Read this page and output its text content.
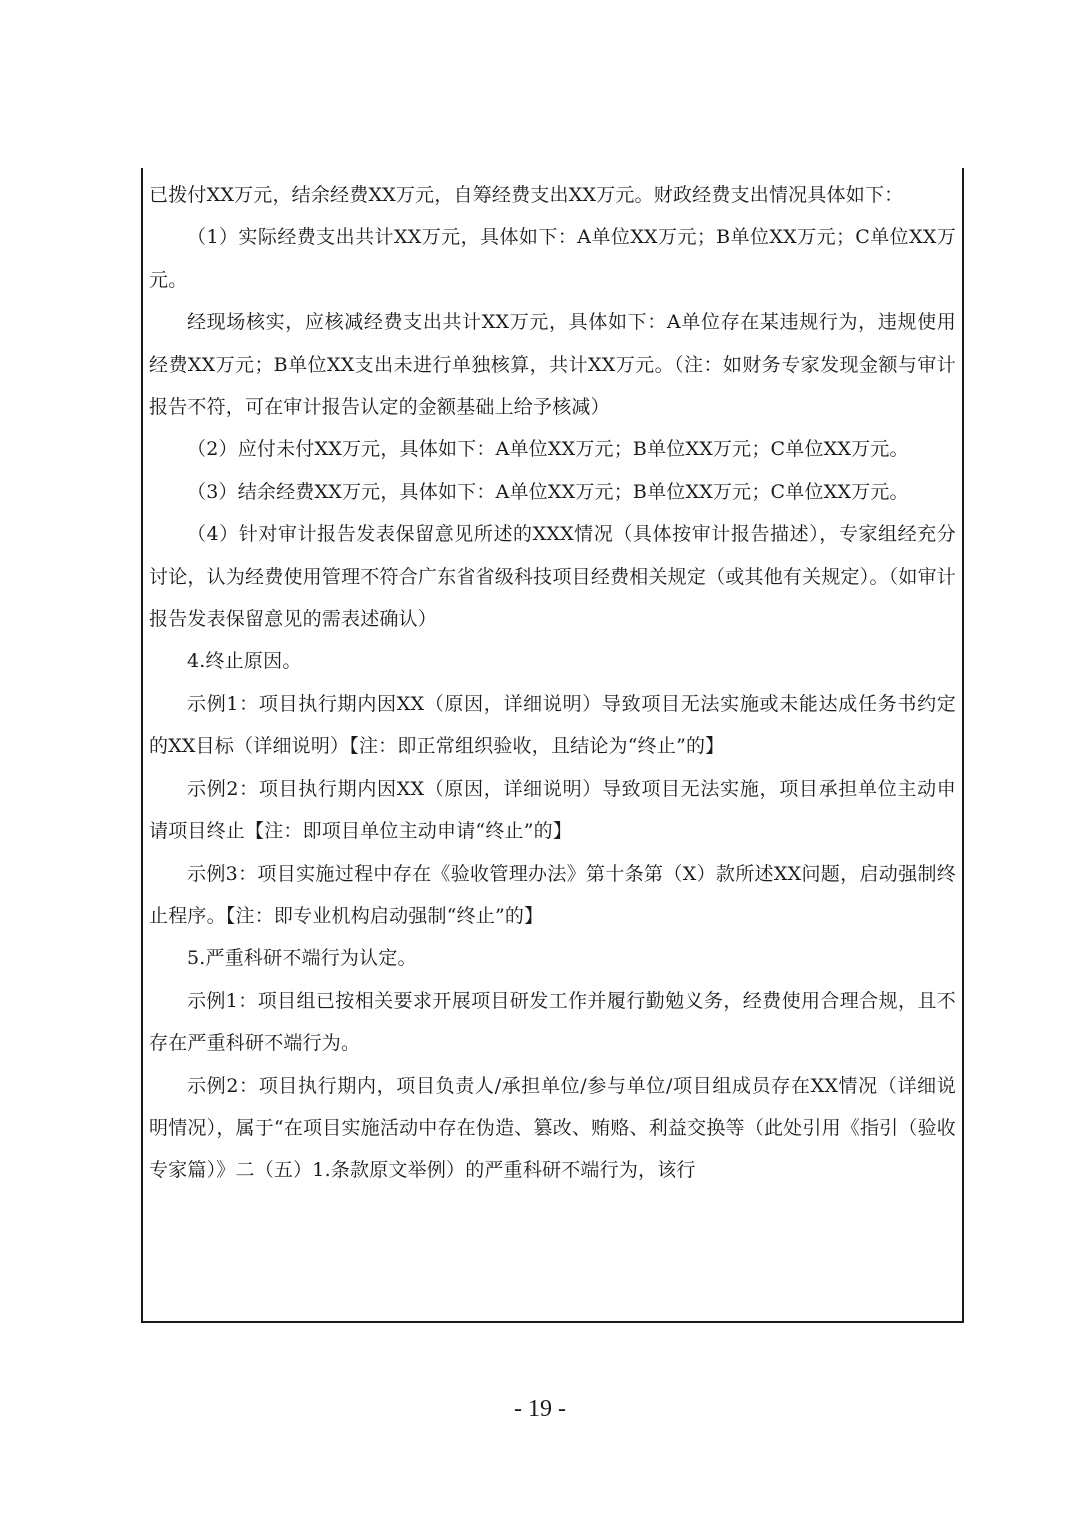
已拨付XX万元，结余经费XX万元，自筹经费支出XX万元。财政经费支出情况具体如下：

（1）实际经费支出共计XX万元，具体如下：A单位XX万元；B单位XX万元；C单位XX万元。

经现场核实，应核减经费支出共计XX万元，具体如下：A单位存在某违规行为，违规使用经费XX万元；B单位XX支出未进行单独核算，共计XX万元。（注：如财务专家发现金额与审计报告不符，可在审计报告认定的金额基础上给予核减）

（2）应付未付XX万元，具体如下：A单位XX万元；B单位XX万元；C单位XX万元。

（3）结余经费XX万元，具体如下：A单位XX万元；B单位XX万元；C单位XX万元。

（4）针对审计报告发表保留意见所述的XXX情况（具体按审计报告描述），专家组经充分讨论，认为经费使用管理不符合广东省省级科技项目经费相关规定（或其他有关规定）。（如审计报告发表保留意见的需表述确认）

4.终止原因。

示例1：项目执行期内因XX（原因，详细说明）导致项目无法实施或未能达成任务书约定的XX目标（详细说明）【注：即正常组织验收，且结论为“终止”的】

示例2：项目执行期内因XX（原因，详细说明）导致项目无法实施，项目承担单位主动申请项目终止【注：即项目单位主动申请“终止”的】

示例3：项目实施过程中存在《验收管理办法》第十条第（X）款所述XX问题，启动强制终止程序。【注：即专业机构启动强制“终止”的】

5.严重科研不端行为认定。

示例1：项目组已按相关要求开展项目研发工作并履行勤勉义务，经费使用合理合规，且不存在严重科研不端行为。

示例2：项目执行期内，项目负责人/承担单位/参与单位/项目组成员存在XX情况（详细说明情况），属于“在项目实施活动中存在伪造、篡改、贿赂、利益交换等（此处引用《指引（验收专家篇）》二（五）1.条款原文举例）的严重科研不端行为，该行

- 19 -
